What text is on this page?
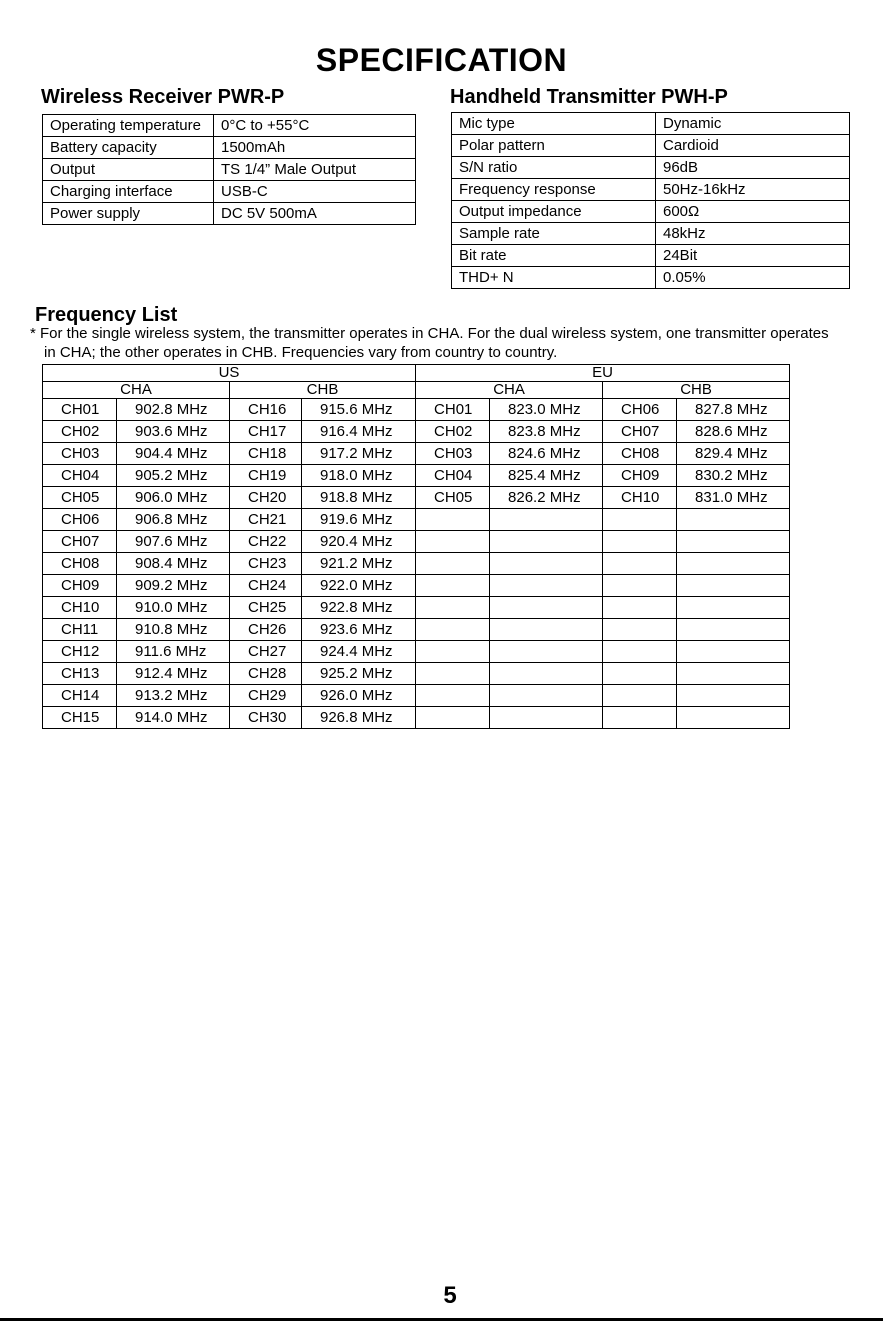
SPECIFICATION
Wireless Receiver PWR-P	Handheld Transmitter PWH-P
Operating temperature	0°C to +55°C
Battery capacity	1500mAh
Output	TS 1/4” Male Output
Charging interface	USB-C
Power supply	DC 5V 500mA
Mic type	Dynamic
Polar pattern	Cardioid
S/N ratio	96dB
Frequency response	50Hz-16kHz
Output impedance	600Ω
Sample rate	48kHz
Bit rate	24Bit
THD+ N	0.05%
Frequency List
* For the single wireless system, the transmitter operates in CHA. For the dual wireless system, one transmitter operates
in CHA; the other operates in CHB. Frequencies vary from country to country.
US				EU			
CHA		CHB		CHA		CHB	
CH01	902.8 MHz	CH16	915.6 MHz	CH01	823.0 MHz	CH06	827.8 MHz
CH02	903.6 MHz	CH17	916.4 MHz	CH02	823.8 MHz	CH07	828.6 MHz
CH03	904.4 MHz	CH18	917.2 MHz	CH03	824.6 MHz	CH08	829.4 MHz
CH04	905.2 MHz	CH19	918.0 MHz	CH04	825.4 MHz	CH09	830.2 MHz
CH05	906.0 MHz	CH20	918.8 MHz	CH05	826.2 MHz	CH10	831.0 MHz
CH06	906.8 MHz	CH21	919.6 MHz				
CH07	907.6 MHz	CH22	920.4 MHz				
CH08	908.4 MHz	CH23	921.2 MHz				
CH09	909.2 MHz	CH24	922.0 MHz				
CH10	910.0 MHz	CH25	922.8 MHz				
CH11	910.8 MHz	CH26	923.6 MHz				
CH12	911.6 MHz	CH27	924.4 MHz				
CH13	912.4 MHz	CH28	925.2 MHz				
CH14	913.2 MHz	CH29	926.0 MHz				
CH15	914.0 MHz	CH30	926.8 MHz				
5
